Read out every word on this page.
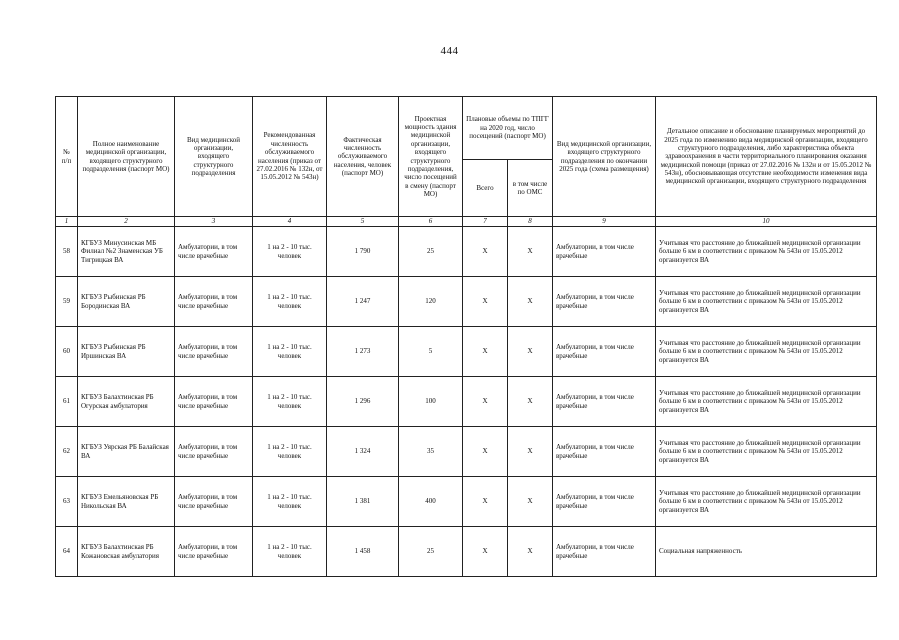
444
№
п/п	Полное наименование медицинской организации, входящего структурного подразделения (паспорт МО)	Вид медицинской организации, входящего структурного подразделения	Рекомендованная численность обслуживаемого населения (приказ от 27.02.2016 № 132н, от 15.05.2012 № 543н)	Фактическая численность обслуживаемого населения, человек (паспорт МО)	Проектная мощность здания медицинской организации, входящего структурного подразделения, число посещений в смену (паспорт МО)	Плановые объемы по ТПГГ на 2020 год, число посещений (паспорт МО)		Вид медицинской организации, входящего структурного подразделения по окончании 2025 года (схема размещения)	Детальное описание и обоснование планируемых мероприятий до 2025 года по изменению вида медицинской организации, входящего структурного подразделения, либо характеристика объекта здравоохранения в части территориального планирования оказания медицинской помощи (приказ от 27.02.2016 № 132н и от 15.05.2012 № 543н), обосновывающая отсутствие необходимости изменения вида медицинской организации, входящего структурного подразделения
						Всего	в том числе по ОМС		
1	2	3	4	5	6	7	8	9	10
58	КГБУЗ Минусинская МБ Филиал №2 Знаменская УБ Тигрицкая ВА	Амбулатории, в том числе врачебные	1 на 2 - 10 тыс. человек	1 790	25	X	X	Амбулатории, в том числе врачебные	Учитывая что расстояние до ближайшей медицинской организации больше 6 км в соответствии с приказом № 543н от 15.05.2012 организуется ВА
59	КГБУЗ Рыбинская РБ Бородинская ВА	Амбулатории, в том числе врачебные	1 на 2 - 10 тыс. человек	1 247	120	X	X	Амбулатории, в том числе врачебные	Учитывая что расстояние до ближайшей медицинской организации больше 6 км в соответствии с приказом № 543н от 15.05.2012 организуется ВА
60	КГБУЗ Рыбинская РБ Иршинская ВА	Амбулатории, в том числе врачебные	1 на 2 - 10 тыс. человек	1 273	5	X	X	Амбулатории, в том числе врачебные	Учитывая что расстояние до ближайшей медицинской организации больше 6 км в соответствии с приказом № 543н от 15.05.2012 организуется ВА
61	КГБУЗ Балахтинская РБ Огурская амбулатория	Амбулатории, в том числе врачебные	1 на 2 - 10 тыс. человек	1 296	100	X	X	Амбулатории, в том числе врачебные	Учитывая что расстояние до ближайшей медицинской организации больше 6 км в соответствии с приказом № 543н от 15.05.2012 организуется ВА
62	КГБУЗ Уярская РБ Балайская ВА	Амбулатории, в том числе врачебные	1 на 2 - 10 тыс. человек	1 324	35	X	X	Амбулатории, в том числе врачебные	Учитывая что расстояние до ближайшей медицинской организации больше 6 км в соответствии с приказом № 543н от 15.05.2012 организуется ВА
63	КГБУЗ Емельяновская РБ Никольская ВА	Амбулатории, в том числе врачебные	1 на 2 - 10 тыс. человек	1 381	400	X	X	Амбулатории, в том числе врачебные	Учитывая что расстояние до ближайшей медицинской организации больше 6 км в соответствии с приказом № 543н от 15.05.2012 организуется ВА
64	КГБУЗ Балахтинская РБ Кожановская амбулатория	Амбулатории, в том числе врачебные	1 на 2 - 10 тыс. человек	1 458	25	X	X	Амбулатории, в том числе врачебные	Социальная напряженность
